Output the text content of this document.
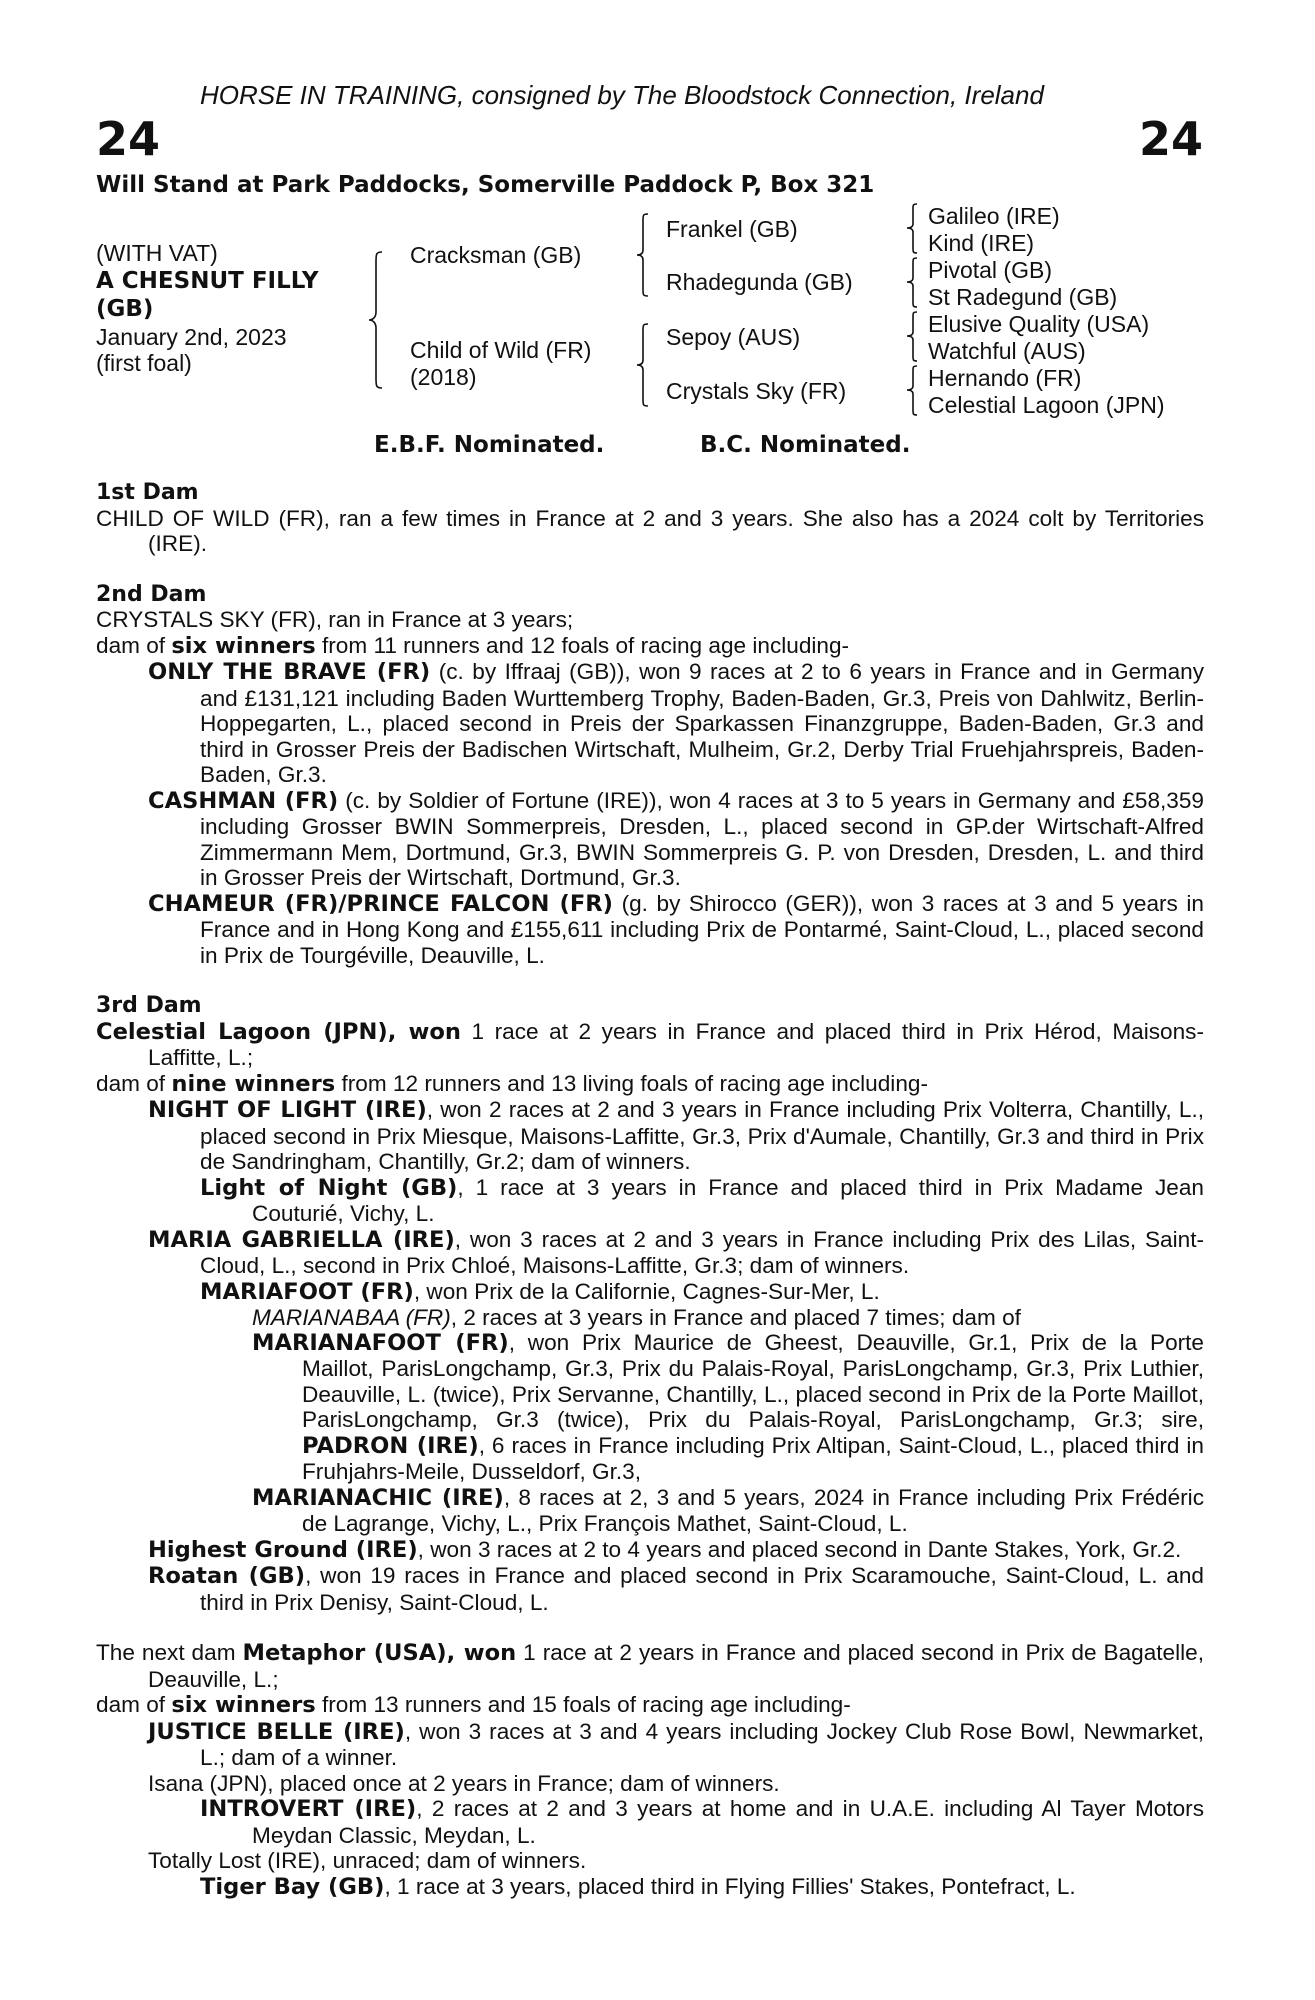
HORSE IN TRAINING, consigned by The Bloodstock Connection, Ireland
24	24
Will Stand at Park Paddocks, Somerville Paddock P, Box 321
(WITH VAT)
A CHESNUT FILLY
(GB)
January 2nd, 2023
(first foal)
Cracksman (GB)
Child of Wild (FR)
(2018)
Frankel (GB)
Rhadegunda (GB)
Sepoy (AUS)
Crystals Sky (FR)
Galileo (IRE)
Kind (IRE)
Pivotal (GB)
St Radegund (GB)
Elusive Quality (USA)
Watchful (AUS)
Hernando (FR)
Celestial Lagoon (JPN)
E.B.F. Nominated.	B.C. Nominated.
1st Dam
CHILD OF WILD (FR), ran a few times in France at 2 and 3 years. She also has a 2024 colt by Territories (IRE).
2nd Dam
CRYSTALS SKY (FR), ran in France at 3 years;
dam of six winners from 11 runners and 12 foals of racing age including-
ONLY THE BRAVE (FR) (c. by Iffraaj (GB)), won 9 races at 2 to 6 years in France and in Germany and £131,121 including Baden Wurttemberg Trophy, Baden-Baden, Gr.3, Preis von Dahlwitz, Berlin-Hoppegarten, L., placed second in Preis der Sparkassen Finanzgruppe, Baden-Baden, Gr.3 and third in Grosser Preis der Badischen Wirtschaft, Mulheim, Gr.2, Derby Trial Fruehjahrspreis, Baden-Baden, Gr.3.
CASHMAN (FR) (c. by Soldier of Fortune (IRE)), won 4 races at 3 to 5 years in Germany and £58,359 including Grosser BWIN Sommerpreis, Dresden, L., placed second in GP.der Wirtschaft-Alfred Zimmermann Mem, Dortmund, Gr.3, BWIN Sommerpreis G. P. von Dresden, Dresden, L. and third in Grosser Preis der Wirtschaft, Dortmund, Gr.3.
CHAMEUR (FR)/PRINCE FALCON (FR) (g. by Shirocco (GER)), won 3 races at 3 and 5 years in France and in Hong Kong and £155,611 including Prix de Pontarmé, Saint-Cloud, L., placed second in Prix de Tourgéville, Deauville, L.
3rd Dam
Celestial Lagoon (JPN), won 1 race at 2 years in France and placed third in Prix Hérod, Maisons-Laffitte, L.;
dam of nine winners from 12 runners and 13 living foals of racing age including-
NIGHT OF LIGHT (IRE), won 2 races at 2 and 3 years in France including Prix Volterra, Chantilly, L., placed second in Prix Miesque, Maisons-Laffitte, Gr.3, Prix d'Aumale, Chantilly, Gr.3 and third in Prix de Sandringham, Chantilly, Gr.2; dam of winners.
Light of Night (GB), 1 race at 3 years in France and placed third in Prix Madame Jean Couturié, Vichy, L.
MARIA GABRIELLA (IRE), won 3 races at 2 and 3 years in France including Prix des Lilas, Saint-Cloud, L., second in Prix Chloé, Maisons-Laffitte, Gr.3; dam of winners.
MARIAFOOT (FR), won Prix de la Californie, Cagnes-Sur-Mer, L.
MARIANABAA (FR), 2 races at 3 years in France and placed 7 times; dam of
MARIANAFOOT (FR), won Prix Maurice de Gheest, Deauville, Gr.1, Prix de la Porte Maillot, ParisLongchamp, Gr.3, Prix du Palais-Royal, ParisLongchamp, Gr.3, Prix Luthier, Deauville, L. (twice), Prix Servanne, Chantilly, L., placed second in Prix de la Porte Maillot, ParisLongchamp, Gr.3 (twice), Prix du Palais-Royal, ParisLongchamp, Gr.3; sire, PADRON (IRE), 6 races in France including Prix Altipan, Saint-Cloud, L., placed third in Fruhjahrs-Meile, Dusseldorf, Gr.3,
MARIANACHIC (IRE), 8 races at 2, 3 and 5 years, 2024 in France including Prix Frédéric de Lagrange, Vichy, L., Prix François Mathet, Saint-Cloud, L.
Highest Ground (IRE), won 3 races at 2 to 4 years and placed second in Dante Stakes, York, Gr.2.
Roatan (GB), won 19 races in France and placed second in Prix Scaramouche, Saint-Cloud, L. and third in Prix Denisy, Saint-Cloud, L.
The next dam Metaphor (USA), won 1 race at 2 years in France and placed second in Prix de Bagatelle, Deauville, L.;
dam of six winners from 13 runners and 15 foals of racing age including-
JUSTICE BELLE (IRE), won 3 races at 3 and 4 years including Jockey Club Rose Bowl, Newmarket, L.; dam of a winner.
Isana (JPN), placed once at 2 years in France; dam of winners.
INTROVERT (IRE), 2 races at 2 and 3 years at home and in U.A.E. including Al Tayer Motors Meydan Classic, Meydan, L.
Totally Lost (IRE), unraced; dam of winners.
Tiger Bay (GB), 1 race at 3 years, placed third in Flying Fillies' Stakes, Pontefract, L.
